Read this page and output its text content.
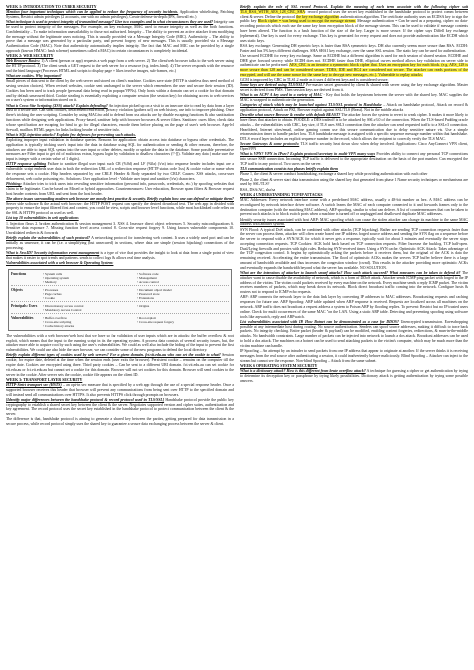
WEEK 1: INTRODUCTION TO CYBER SECURITY

Mention four important techniques which can be applied to reduce the frequency of security incidents. Application whitelisting, Patching Systems, Restrict admin privileges (2 accounts, one with no admin privileges), Create defense-in-depth (IPS, firewall etc.)

What technique is used to protect integrity of transmitted message? Give two examples and in what circumstances they are used? Integrity can be used to protect integrity of the messages. For example, an key exchange, MAC used to ensure integrity as well as the both functions. Confidentiality – To make information unavailability to those not authorised. Integrity – The ability to prevent an active attacker from modifying the message without the legitimate users noticing. This is usually provided via a Message Integrity Code (MIC). Authenticity – The ability to prove that a message was generated by a particular party, and prevent forgery of new messages. This is usually provided via a Message Authentication Code (MAC). Note that authenticity automatically implies integrity. The fact that MAC and MIC can be provided by a single approach (known HMAC: hash scheme) sometimes called a MAC) in certain circumstances is completely incidental.

WEEK 2: WEB SECURITY

Web Browser Basics: 1) A client (person or app) requests a web page from a web server. 2) The client/web browser talks to the web server using the HTTP protocol. 3) The client sends a GET request to the web server for a resource (e.g. index.html). 4) The server responds with the resource and the html language (Processes HTML and scripts to display page + likes involve images, sub-frames, etc.)

What are cookies. Why important?

Small pieces of data sent to the client by the web server and stored on client's machine. Cookies save state (HTTP is stateless thus need method of saving session choices). When revised websites, cookie sent unchanged to the server which remembers the user and secure their session (ID). Cookies has been used to track people (personal data being read in popups/VPNs). Only hosts within a domain can set a cookie for that domain and by default unsecured third. Cookie stealing is essentially exploiting a computer session (the session key) for obtaining access to web services on a user's system or information stored on it.

What is Cross-Site Scripting (XSS) attack? Explain defending? An injection picked up on a visit to an insecure site to read by data from a layer trust to a secure site. Can steal cookies, defacement/redirection, privacy violation (gathers url) on web history, use info to improve phishing. Once there's tricking the user scripting. Consider by using MAC/no add to defend from xss attacks are by disable escaping functions & also sanitisation functions while designing web applications. Proxy-based, sanitiser help with browser browsers & server filters. Sanitizer: cures filter, check data whose specification are escaping for html to go for illegal characters, encode them before placing on the page of user's web browser. App-lvl firewall, mailbox HTML pages for links looking header of sensitive info.

What is SQL injection attacks? Explain few defenses for preventing such attacks.

Exploiting improper input validation in database queries. Reasons for application: obtain access into database or bypass other credentials. The application is typically tricking user's input into the data in database using SQL for authentication or sending & other reasons, therefore, the attackers are able to input SQL syntax into the user input or other deletes, modify or update the data in the database. Some possible preventative measures are Filter input to get rid of malicious extras, bypass login by validation to disallow characters (!'-[]). Validate any data ( make sure the input is integer with a certain value of 1 digits).

HTTP response splitting Failure to sanitize illegal user input such CR (%0d) and LF (%0a) (\r\n) into response header includes input are a vulnerable. script embeds user data in both the redirection URL of a redirection response (HTTP status code 3xx) & cookie value or name when the response sets a cookie. Http headers separated by one CRLF. Header & Body separated by two CRLF. Causes: XSS attacks, cross-user defacement, web cache poisoning etc. Solutions: User application level - Validate user input and sanitize (\r\n) characters.

Phishing: Attacker tries to trick users into revealing sensitive information (personal info, passwords, credentials, etc.) by spoofing websites that claim to be legitimate. Can be based on Mixed or hybrid approaches. Countermeasures: User education, Browser spam filters & Browser request host header contents from URL and sent from the host header.

The above issues surrounding modern web browser are mostly best practise & security. Briefly explain how one can defend or mitigate them? Server side software & the actual web browser: the HTTP POST request can specify the desired download text. The web app in divided with property to ensure the input filtered first and content, you could be view, scripts and browser level functions, while most backlinked code relies on the SSL & HTTPS protocol as used as well.

List top 10 vulnerabilities in web applications

1. Injection flaws 2. broken authentication & session management 3. XSS 4. Insecure direct object references 5. Security misconfigurations 6. Sensitive data exposure 7. Missing function level access control 8. Cross-site request forgery 9. Using known vulnerable components 10. Unvalidated redirects & forwards

Briefly explain the vulnerabilities of such protocol? A networking protocol for transferring web content. It uses a widely used port and can be initially as unsecure, it can be (i.e. a simplifying (but unsecured) in sections, where data are simple (session hijacking) connections of the processing.

What is SessID? Security information event management is a type of vice that provides the insight to look at data from a single point of view that makes it easier to spot trends and patterns. sends to collect logs & allows real time analysis.

Vulnerabilities associated with a web browser & Operating System:

Functions	• System calls	• Software code
• Operating system	• Management
• Memory	• Access control
Objects	• Processes	• Document object model
• Page caches	• Password store
• Cookie	• Extensions
Principals: Users	• Discretionary access control	• Origins
• Mandatory Access Control
Vulnerabilities	• Buffer overflow	• Root exploit
• Cross-site scripting	• Cross-site request forgery
• Cache history attacks

The vulnerabilities with a web browser/web host that we have so far validation of user inputs which are in attacks: the buffer overflow & root exploit, which means that the input to the running script in its the operating system. A process data consists of several security issues, but, the attacker more able to acquire root by such using the user's vulnerabilities. We could as well also include the hiding of the input to prevent the first vulnerabilities. We could use also hide the user browser, we can consider some of the new programs to defend the local directory.

Briefly explain different types of cookies used by web servers? For a given domain. fct.vit.edu.au who can set the cookie to what? Session cookie, for expire date, deleted at the time when the session ends (user exits the browser). Persistent cookie – remains on the computer till the expire date. Cookies are encrypted using three. Third party cookies – Can be sent to a different URI domain. fct.vit.edu.au can set cookie for vit.edu.au or fct.vit.edu.au but cannot set a cookie for this domain. Browser will not set cookies for this domain. Browser will send cookies to the server in the cookie. After server sets the cookie, cookie file appears on the client ID.

WEEK 3: TRANSPORT LAYER SECURITY

HTTP-Strict transport sec (HSTS) – an opt-in sec measure that is specified by a web app through the use of a special response header. Once a supported browser receives this header that browser will prevent any communications from being sent over HTTP to the specified domain and will instead send all communications over HTTPS. It also prevents HTTPS click through prompts on browsers.

[Identify major differences between the handshake protocol & record protocol used in TLS/SSL] Handshake protocol provide the public key cryptography to establish a shared secret key between the client & the server. Negotiates supported version and cipher suites, authentication and key agreement. The record protocol uses the secret key established in the handshake protocol to protect communication between the client & the server.

The difference is that, handshake protocol is aiming to generate a shared key between the parties, getting prepared for data transmission in a secure process, while record protocol simply uses the shared key to guarantee a secure data exchanging process between the server & client.

Briefly explain the role of SSL record Protocol. Explain the meaning of each term associate with the following cipher suit TLS_RSA_WITH_AES_128_CBC_SHA: record protocol uses the secret key established in the handshake protocol to protect comm between client & server. Define the protocol the key exchange algorithm authentication algorithm. The certificate authority uses an ECDSA key to sign the public key Block cipher = was being used to encrypt the message stream. Message authentication = Can be used as a preparing, cipher: no data-recording protocols which each use the same key from encryption block of the message stream. This can be used to validate if message contents have been altered. The function is a hash function of the size of the key. Larger is more secure. If the cipher says Diffell key exchange (ephemeral). One key is used for every exchange. This key is generated for every request and does not provide authentication like ECDH which uses static keys.

RSA key exchange: Generating DH symetric keys is faster than RSA symmetric keys. DH also currently seems more secure than RSA. ECDH: Faster and has 5% keys different challenges. SHA SHA1 key exchange, over the same SSL session. The static key can be used for authentication.

Use secured ECDHE for every key exchange. Same as ECDHE but a different algorithm is used for each session of shared session. ECDHE and DHE give forward secrecy while ECDH does not. ECDHE faster than DHE, elliptical curves method allows key validation on server side to authenticate can be performed. AES_CBC is an iterative a symmetric block cipher that. Uses an encryption key for each block. (e.g. AES_128 is more secure than 128 and can be considered secure. TDES, IDE and RC4 are considered not secure. The attacker can reads portions of the encrypted, and will use the same nonce for the same key to decrypt new messages, etc.). Vulnerable to replay attacks.

GCM is improved by CBC in TLS1.2 mode as it uses 4 different keys and is considered secure.

Some keys are derived using TLS/SSL? Pre-master secret generated by client & shared with server using the key exchange algorithm. Master secret is derived from PMS. Then session keys are derived from it.

What is an ACP? A key used in a variety of MAC - Key that holds the keystream between the server with the shared key. MAC supplies the MAC is wrapped to authenticate the generation.

Categories of attack which may be launched against TLS/SSL protocol in Handshake – Attack on handshake protocol, Attack on record & application protocol, Attack on PKI, Browser exploit against SSL/TLS (Beast). Not in the middle attacks

Describe what source Browser & vendor with default BEAST? The attacker forces the system to revert to weak cipher. It makes it more likely to have flaws that attacker to obtain. POODLE: a DES tradeoff is to be attacked by SSLv3.0 of the connection. When the TLS-based Padding oracle attacks – the vulnerabilities with CBC, key size, if TLS uses SSL3 connection then the attacker can send requested traffic to a SSLv3 connection. Heartbleed, Internet sites/email, online gaming comm use this secure communication due to delay sensitive nature vis. Use a simple retransmission timer to handle packet loss. TLS handshake message is assigned with a specific sequence message number within that handshake. DTLS record layer includes an explicit sequence number in the record, which allows the recipient to correctly verify the TLS MAC.

Secure Gateways & some protocols: TLS traffic security heat down slow when delay involved. Applications: Cisco AnyConnect VPN client, OpenVPN

What is VPN? VPN in IPsec? Explain protocol/secretary in multi-VPN many ways Provides ability to connect any personal TCP connections into secure SSH connection. Incoming TCP traffic is delivered to the appropriate destination on the basis of the port number. Can encrypted the TCP traffic in any protocol. Two users on the server.

TLS communication consists two phases briefly explain them

Phase 1, the client & server conduct handshaking, exchange a shared key while providing authentication with each other

Phase 2, the client & server start data transmission using the shared key that generated from phase 1 Name security techniques or mechanisms are used by SSL/TLS?

RSA, DSA/AC, sha/sa

WEEK 4 UNDERSTANDING TCP/IP ATTACKS

MAC Addresses: Every network interface come with a predefined MAC address, usually a 48-bit number as hex. A MAC address can be reconfigured by network interface driver software. A switch learns the MAC of each computer connected to it and forwards frames only to the destination computer (with the matching MAC address), ARP spoofing, similar to what can deliver. A list of countermeasures that can be taken to prevent such attacks is to block switch ports when a machine is turned off or unplugged and disallowed duplicate MAC addresses.

Identify security issues associated with host ARP: MAC spoofing which can cause the stolen attacker can change its machine to the same MAC address with another system.

SYN Flood: A typical DoS attack, can be combined with other attacks (TCP hijacking). Rather are sending TCP connection requests faster than the server can process them, attacker will often create based one IP address forged source address and sending the SYN flag on a sequence before the server to respond with a SYN/ACK for which it never gets a response, typically wait for about 3 minutes and eventually the server stops accepting connection requests. TCP Cookies: ACK hold back based on TCP connection requests. Filter Increase the backlog. TCP half-open. Dual/Lying firewalls and proxies with tight rules. Reducing SYN-received timer. Using a SYN cache. Optimistic ACK Attack: Takes advantage of the TCP congestion control. It begins by optimistically acking the packets before it receives them, but the original of the ACK is data the remaining received. Accelerating the entire transmission. The flood of optimistic ACKs makes the servers TCP buffer believe there is a large amount of bandwidth available and thus increases the congestion window (cwnd). This results in the attacker providing more optimistic ACKs and eventually expands the bandwidth beyond what the server has available. NO SOLUTION.

What are the intensions of attacker to launch smurf attacks? How such attack succeed? What measures can be taken to defend it? The attacker want to cause disable the availability of network, which is a form of DDoS attack. Attacker sends ICMP ping packet with forged to the IP address of the victim. The victim could packets received by every machine on the network. Every machine sends a reply ICMP packet. The victim receives numbers of packets, which may break down its network. Block direct broadcast traffic coming into the network. Configure hosts & routers not to respond to ICMP echo requests.

ARP: ARP connects the network layer to the data link layer by converting IP addresses to MAC addresses. Broadcasting requests and caching responses for future use. ARP Spoofing: ARP table updated when ARP response is received. Requests are localized across all machines on the network. ARP traffic does not broadcast a request address a system to Poison ARP by flooding replies. To prevent: Restrict but no IP trusted users online. Check for multi occurrences of the same MAC "on the LAN. Using a static ARP table. Detecting and preventing spoofing using software tools like arpwatch, reply and ARPwatch.

List vulnerabilities associated with IP. How Botnet can be demonstrated as a case for DDOS? Unencrypted transmission. Eavesdropping possible at any intermediate host during routing. No source authentication. Senders can spoof source addresses, making it difficult to trace back packets. No integrity checking. Entire packet (header & payload) can be modified, enabling content forgeries, redirections, & man-in-the-middle attacks. No bandwidth constraints. Large number of packets can be injected into network to launch a dos attack. Broadcast addresses can be used to hold a dos attack. The machines on a botnet can be used to send attacking packets to the victim's computer, which may be much more than the victim machine can handle.

IP Spoofing – An attempt by an intruder to send packets from one IP address that appear to originate at another. If the server thinks it is receiving messages from the real source after authenticating a session, it could inadvertently behave maliciously. Blind Spoofing – Attacker can inject to the stream but cannot see the response. Non-blind Spoofing – Attack from the same subnet.

WEEK 6 OPERATING SYSTEM SECURITY

What is a dictionary attack? How is this different from brute overflow attack? A technique for guessing a cipher or get authentication by trying to determine its decryption key or passphrase by trying likely possibilities. Dictionary attack is getting authentication by trying some possible answers.
